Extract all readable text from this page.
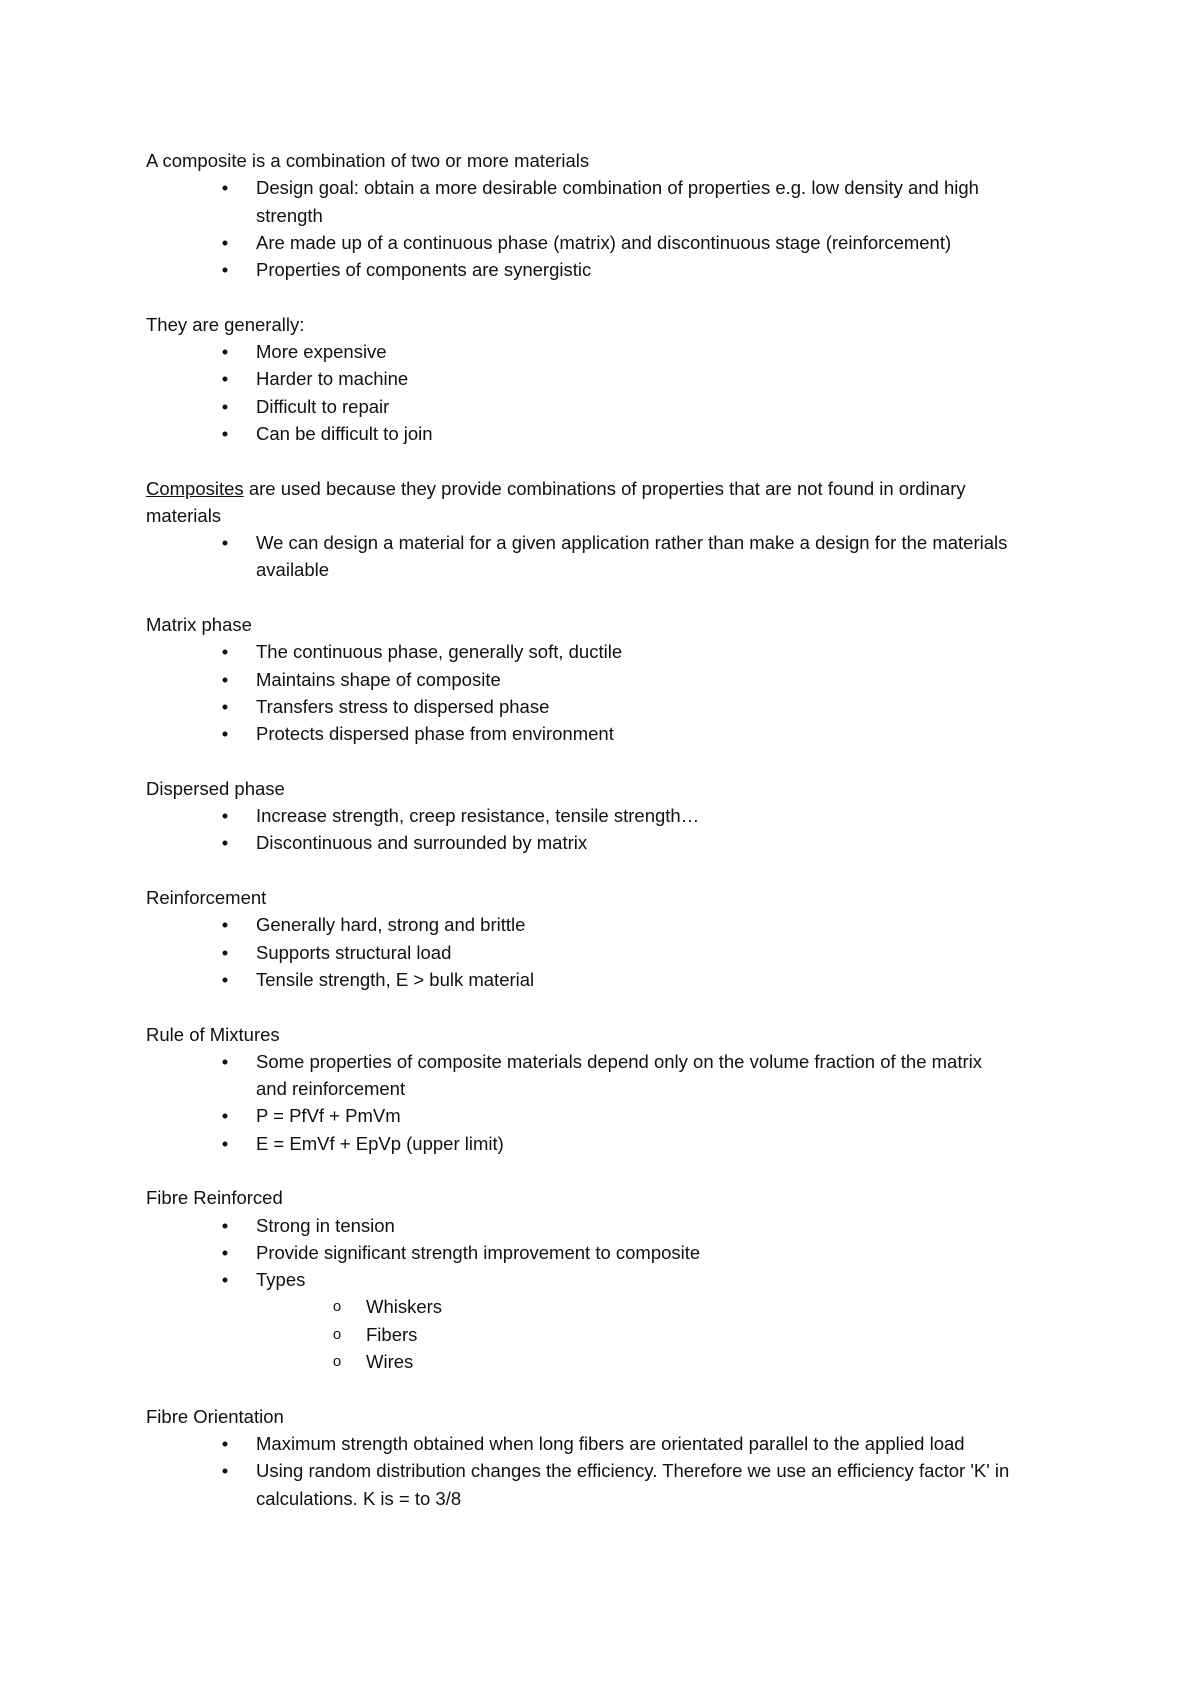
A composite is a combination of two or more materials
• Design goal: obtain a more desirable combination of properties e.g. low density and high strength
• Are made up of a continuous phase (matrix) and discontinuous stage (reinforcement)
• Properties of components are synergistic
They are generally:
• More expensive
• Harder to machine
• Difficult to repair
• Can be difficult to join
Composites are used because they provide combinations of properties that are not found in ordinary materials
• We can design a material for a given application rather than make a design for the materials available
Matrix phase
• The continuous phase, generally soft, ductile
• Maintains shape of composite
• Transfers stress to dispersed phase
• Protects dispersed phase from environment
Dispersed phase
• Increase strength, creep resistance, tensile strength…
• Discontinuous and surrounded by matrix
Reinforcement
• Generally hard, strong and brittle
• Supports structural load
• Tensile strength, E > bulk material
Rule of Mixtures
• Some properties of composite materials depend only on the volume fraction of the matrix and reinforcement
• P = PfVf + PmVm
• E = EmVf + EpVp (upper limit)
Fibre Reinforced
• Strong in tension
• Provide significant strength improvement to composite
• Types
o Whiskers
o Fibers
o Wires
Fibre Orientation
• Maximum strength obtained when long fibers are orientated parallel to the applied load
• Using random distribution changes the efficiency. Therefore we use an efficiency factor 'K' in calculations. K is = to 3/8
